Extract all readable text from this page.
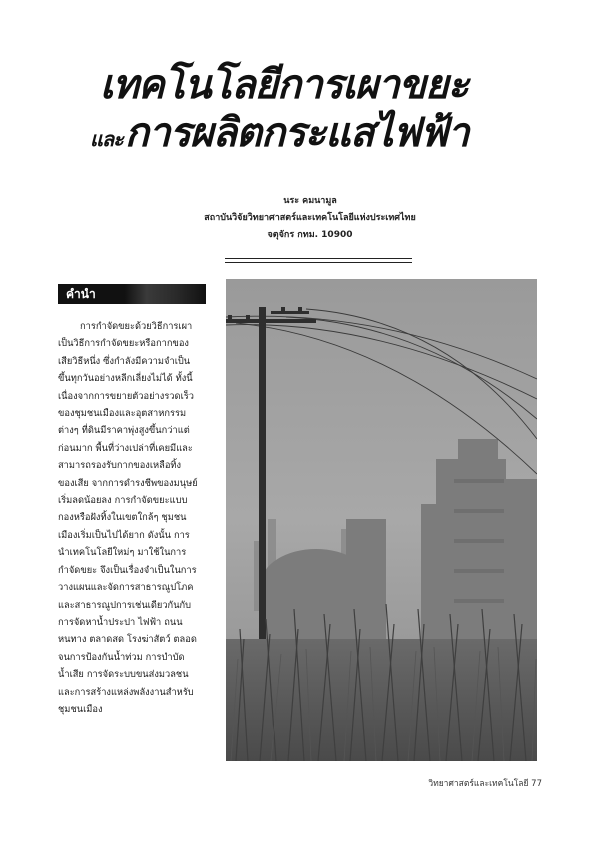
เทคโนโลยีการเผาขยะ
และการผลิตกระแสไฟฟ้า
นระ คมนามูล
สถาบันวิจัยวิทยาศาสตร์และเทคโนโลยีแห่งประเทศไทย
จตุจักร กทม. 10900
คำนำ
การกำจัดขยะด้วยวิธีการเผา
เป็นวิธีการกำจัดขยะหรือกากของ
เสียวิธีหนึ่ง ซึ่งกำลังมีความจำเป็น
ขึ้นทุกวันอย่างหลีกเลี่ยงไม่ได้ ทั้งนี้
เนื่องจากการขยายตัวอย่างรวดเร็ว
ของชุมชนเมืองและอุตสาหกรรม
ต่างๆ ที่ดินมีราคาพุ่งสูงขึ้นกว่าแต่
ก่อนมาก พื้นที่ว่างเปล่าที่เคยมีและ
สามารถรองรับกากของเหลือทิ้ง
ของเสีย จากการดำรงชีพของมนุษย์
เริ่มลดน้อยลง การกำจัดขยะแบบ
กองหรือฝังทิ้งในเขตใกล้ๆ ชุมชน
เมืองเริ่มเป็นไปได้ยาก ดังนั้น การ
นำเทคโนโลยีใหม่ๆ มาใช้ในการ
กำจัดขยะ จึงเป็นเรื่องจำเป็นในการ
วางแผนและจัดการสาธารณูปโภค
และสาธารณูปการเช่นเดียวกันกับ
การจัดหาน้ำประปา ไฟฟ้า ถนน
หนทาง ตลาดสด โรงฆ่าสัตว์ ตลอด
จนการป้องกันน้ำท่วม การบำบัด
น้ำเสีย การจัดระบบขนส่งมวลชน
และการสร้างแหล่งพลังงานสำหรับ
ชุมชนเมือง
วิทยาศาสตร์และเทคโนโลยี 77
